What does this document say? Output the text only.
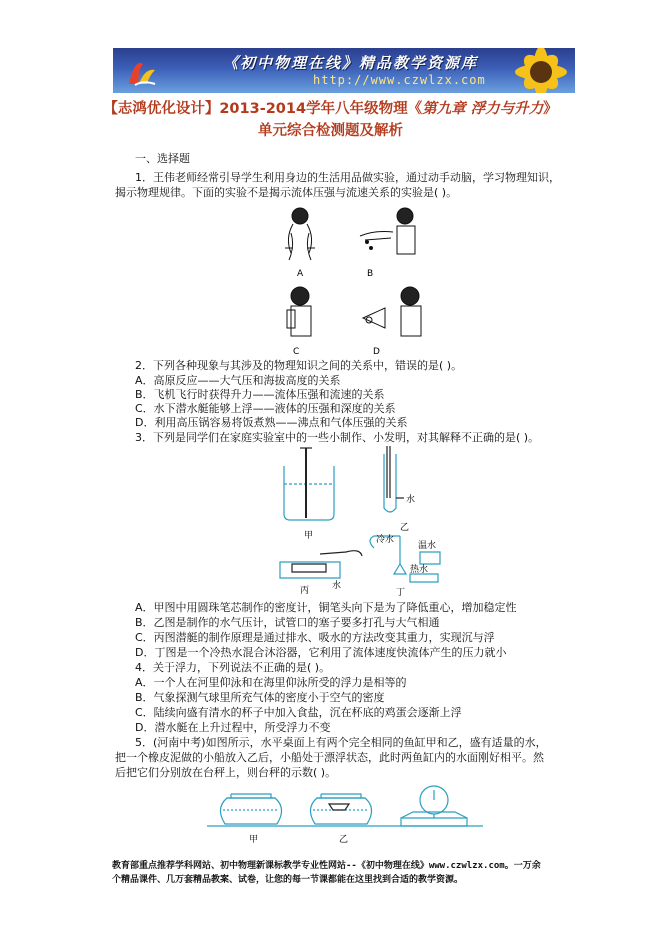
《初中物理在线》精品教学资源库
http://www.czwlzx.com
【志鸿优化设计】2013-2014学年八年级物理《第九章 浮力与升力》
单元综合检测题及解析
一、选择题
1．王伟老师经常引导学生利用身边的生活用品做实验，通过动手动脑，学习物理知识，
揭示物理规律。下面的实验不是揭示流体压强与流速关系的实验是( )。
A	B
C	D
2．下列各种现象与其涉及的物理知识之间的关系中，错误的是( )。
A．高原反应——大气压和海拔高度的关系
B．飞机飞行时获得升力——流体压强和流速的关系
C．水下潜水艇能够上浮——液体的压强和深度的关系
D．利用高压锅容易将饭煮熟——沸点和气体压强的关系
3．下列是同学们在家庭实验室中的一些小制作、小发明，对其解释不正确的是( )。
甲
乙
水
丙	水
冷水
温水
热水
丁
A．甲图中用圆珠笔芯制作的密度计，铜笔头向下是为了降低重心，增加稳定性
B．乙图是制作的水气压计，试管口的塞子要多打孔与大气相通
C．丙图潜艇的制作原理是通过排水、吸水的方法改变其重力，实现沉与浮
D．丁图是一个冷热水混合沐浴器，它利用了流体速度快流体产生的压力就小
4．关于浮力，下列说法不正确的是( )。
A．一个人在河里仰泳和在海里仰泳所受的浮力是相等的
B．气象探测气球里所充气体的密度小于空气的密度
C．陆续向盛有清水的杯子中加入食盐，沉在杯底的鸡蛋会逐渐上浮
D．潜水艇在上升过程中，所受浮力不变
5．(河南中考)如图所示，水平桌面上有两个完全相同的鱼缸甲和乙，盛有适量的水，
把一个橡皮泥做的小船放入乙后，小船处于漂浮状态，此时两鱼缸内的水面刚好相平。然
后把它们分别放在台秤上，则台秤的示数( )。
甲	乙
教育部重点推荐学科网站、初中物理新课标教学专业性网站--《初中物理在线》www.czwlzx.com。一万余
个精品课件、几万套精品教案、试卷，让您的每一节课都能在这里找到合适的教学资源。
